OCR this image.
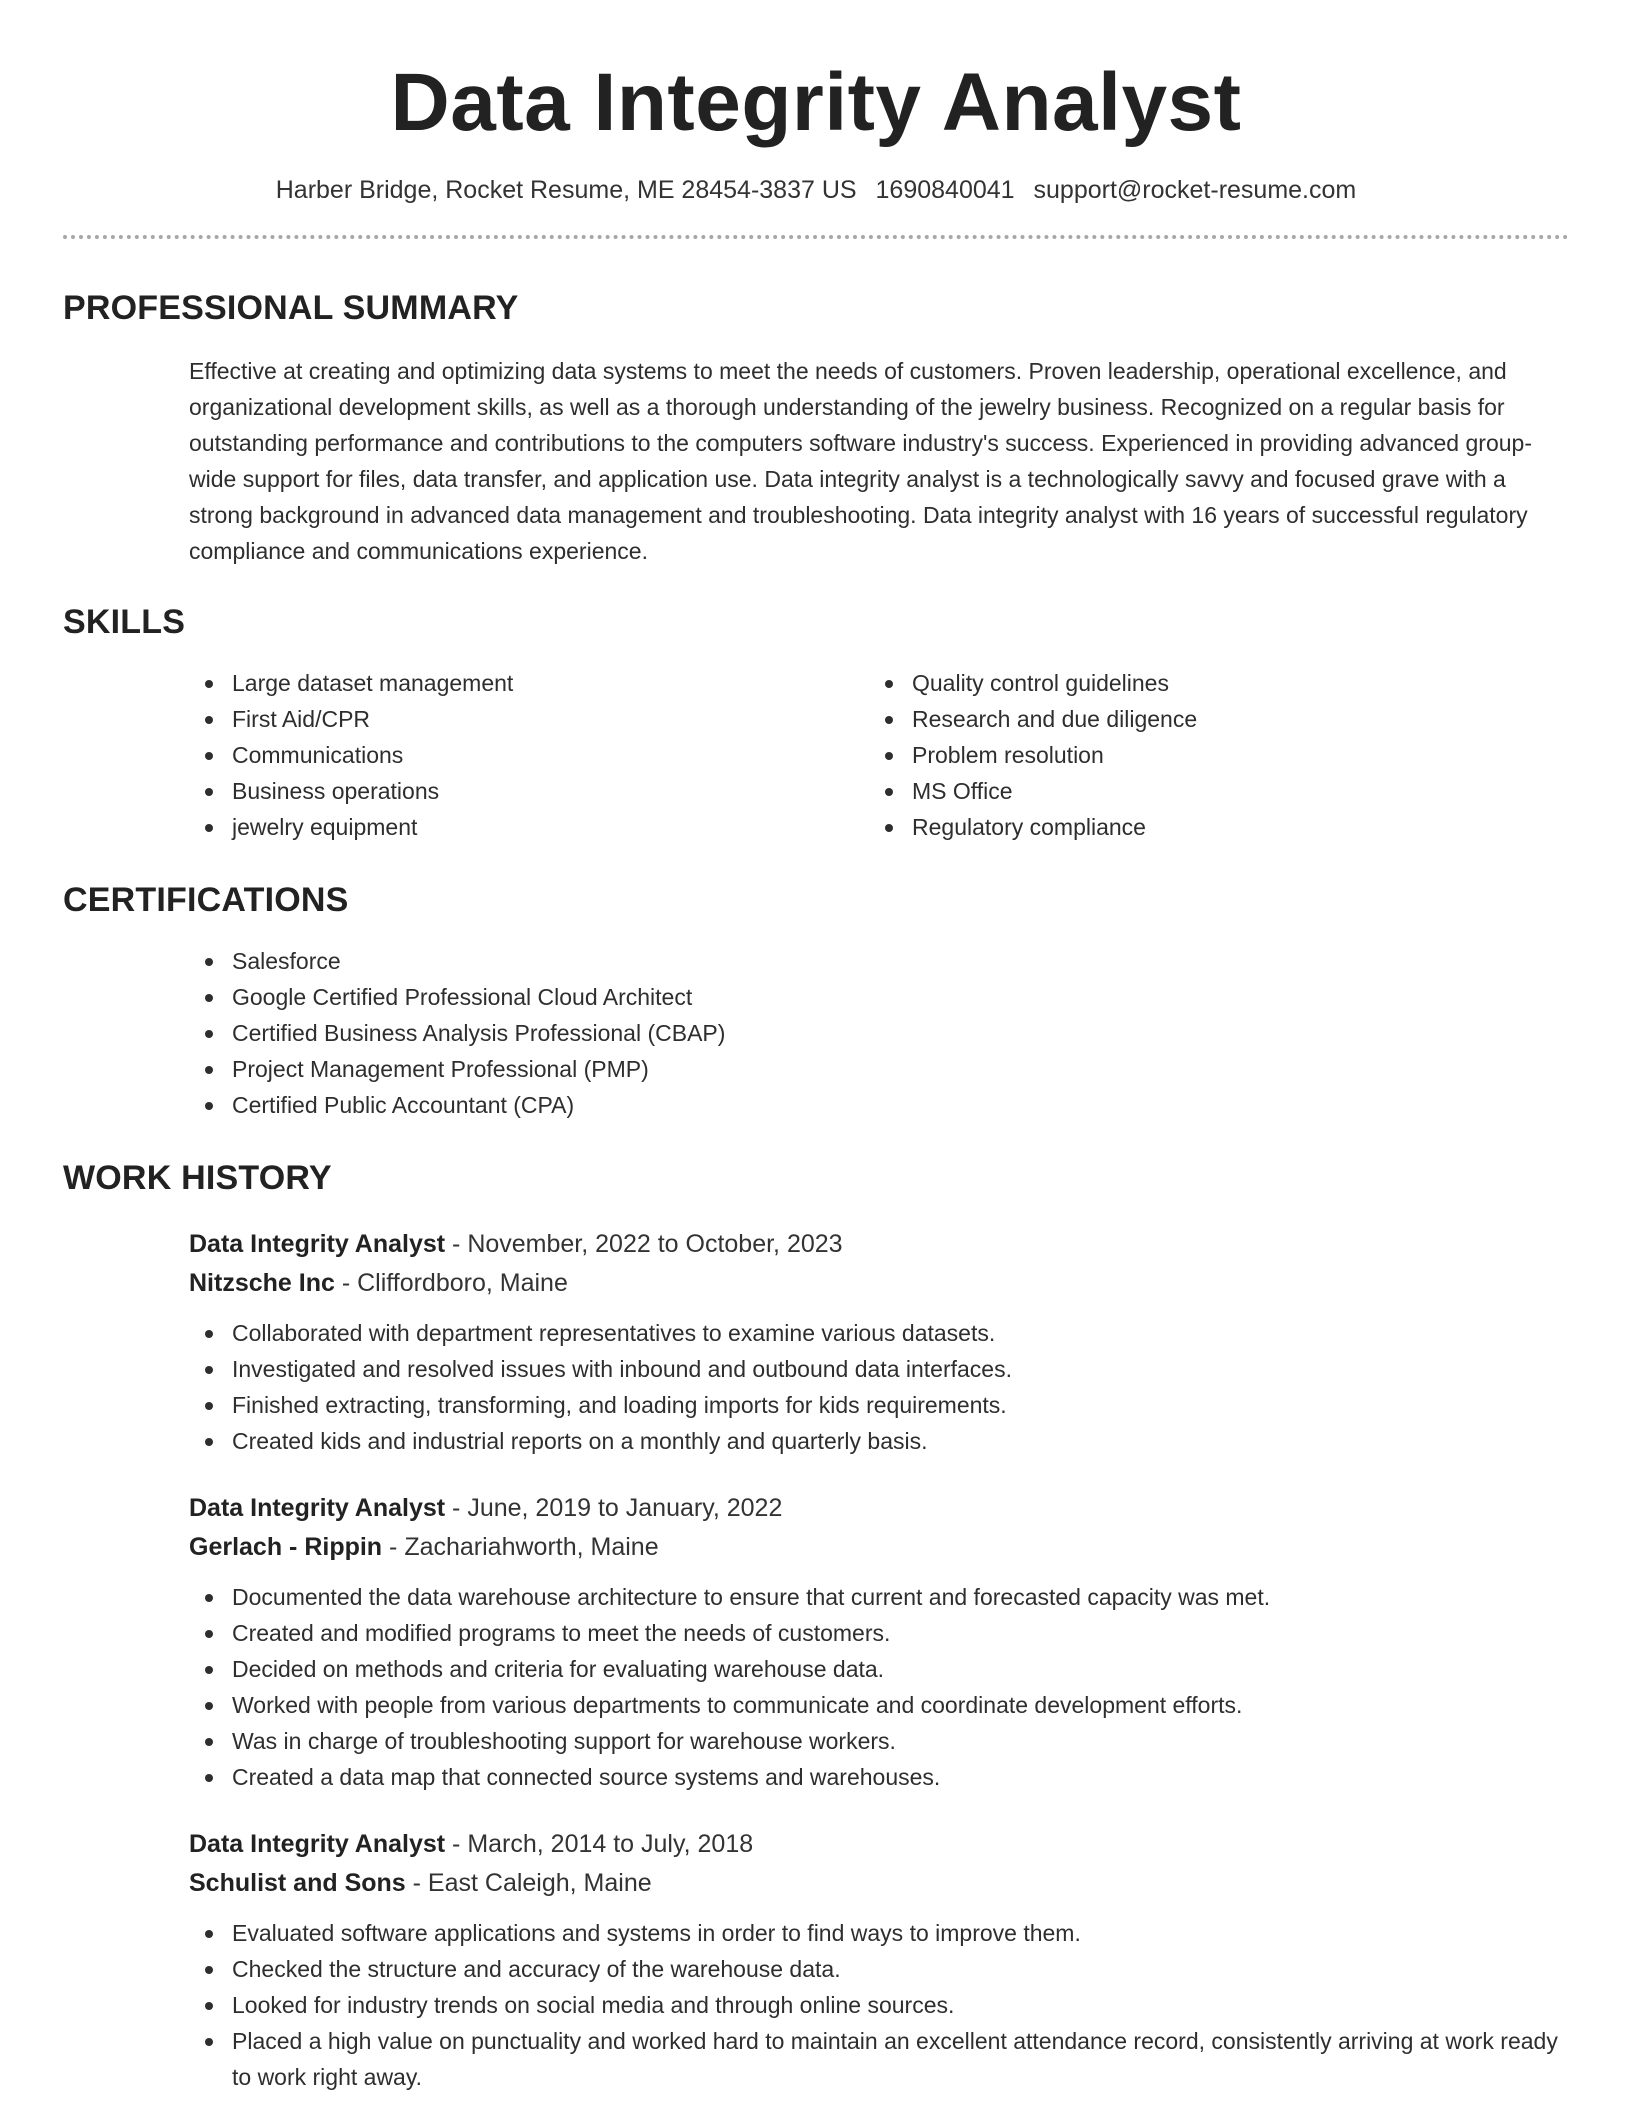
Data Integrity Analyst
Harber Bridge, Rocket Resume, ME 28454-3837 US 1690840041 support@rocket-resume.com
PROFESSIONAL SUMMARY

Effective at creating and optimizing data systems to meet the needs of customers. Proven leadership, operational excellence, and organizational development skills, as well as a thorough understanding of the jewelry business. Recognized on a regular basis for outstanding performance and contributions to the computers software industry's success. Experienced in providing advanced group-wide support for files, data transfer, and application use. Data integrity analyst is a technologically savvy and focused grave with a strong background in advanced data management and troubleshooting. Data integrity analyst with 16 years of successful regulatory compliance and communications experience.

SKILLS
Large dataset management
First Aid/CPR
Communications
Business operations
jewelry equipment
Quality control guidelines
Research and due diligence
Problem resolution
MS Office
Regulatory compliance
CERTIFICATIONS
Salesforce
Google Certified Professional Cloud Architect
Certified Business Analysis Professional (CBAP)
Project Management Professional (PMP)
Certified Public Accountant (CPA)
WORK HISTORY
Data Integrity Analyst - November, 2022 to October, 2023
Nitzsche Inc - Cliffordboro, Maine
Collaborated with department representatives to examine various datasets.
Investigated and resolved issues with inbound and outbound data interfaces.
Finished extracting, transforming, and loading imports for kids requirements.
Created kids and industrial reports on a monthly and quarterly basis.
Data Integrity Analyst - June, 2019 to January, 2022
Gerlach - Rippin - Zachariahworth, Maine
Documented the data warehouse architecture to ensure that current and forecasted capacity was met.
Created and modified programs to meet the needs of customers.
Decided on methods and criteria for evaluating warehouse data.
Worked with people from various departments to communicate and coordinate development efforts.
Was in charge of troubleshooting support for warehouse workers.
Created a data map that connected source systems and warehouses.
Data Integrity Analyst - March, 2014 to July, 2018
Schulist and Sons - East Caleigh, Maine
Evaluated software applications and systems in order to find ways to improve them.
Checked the structure and accuracy of the warehouse data.
Looked for industry trends on social media and through online sources.
Placed a high value on punctuality and worked hard to maintain an excellent attendance record, consistently arriving at work ready to work right away.
